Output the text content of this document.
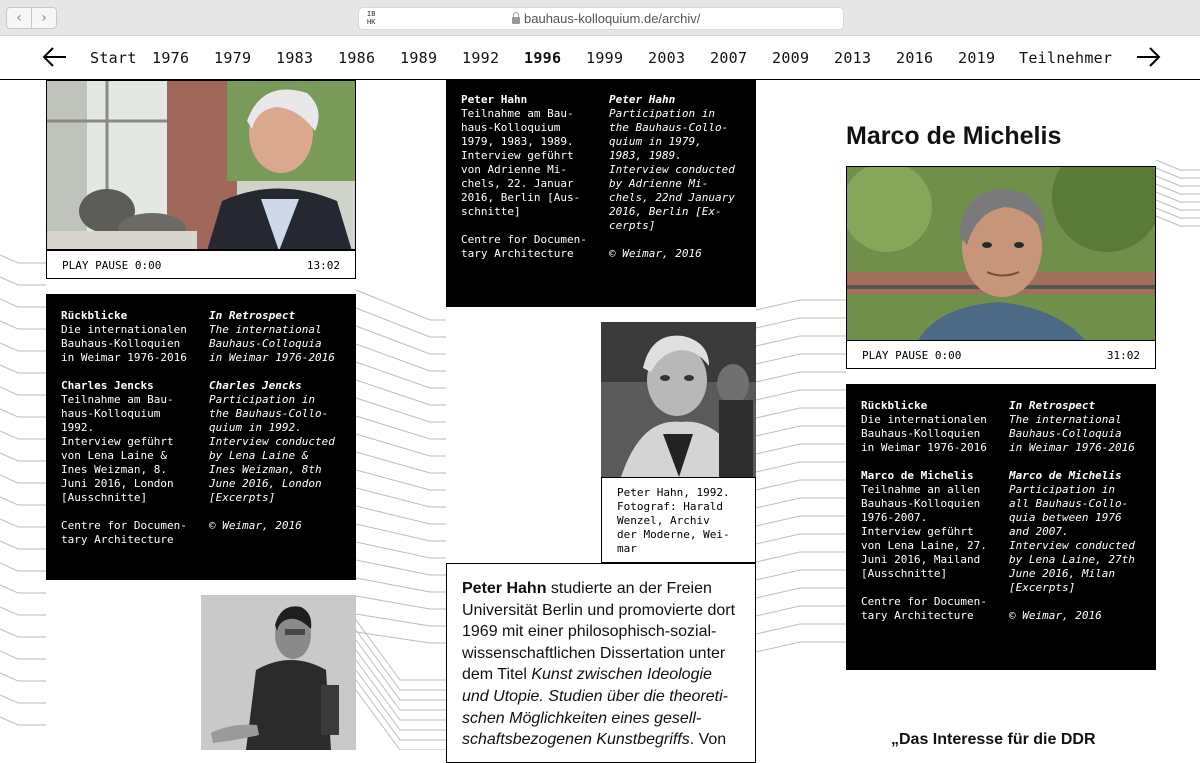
‹ ›	IB
HK	bauhaus-kolloquium.de/archiv/
Start 1976 1979 1983 1986 1989 1992 1996 1999 2003 2007 2009 2013 2016 2019 Teilnehmer
PLAY PAUSE 0:00	13:02
Rückblicke
Die internationalen
Bauhaus-Kolloquien
in Weimar 1976-2016

Charles Jencks
Teilnahme am Bau-
haus-Kolloquium
1992.
Interview geführt
von Lena Laine &
Ines Weizman, 8.
Juni 2016, London
[Ausschnitte]

Centre for Documen-
tary Architecture

In Retrospect
The international
Bauhaus-Colloquia
in Weimar 1976-2016

Charles Jencks
Participation in
the Bauhaus-Collo-
quium in 1992.
Interview conducted
by Lena Laine &
Ines Weizman, 8th
June 2016, London
[Excerpts]

© Weimar, 2016

Peter Hahn
Teilnahme am Bau-
haus-Kolloquium
1979, 1983, 1989.
Interview geführt
von Adrienne Mi-
chels, 22. Januar
2016, Berlin [Aus-
schnitte]

Centre for Documen-
tary Architecture

Peter Hahn
Participation in
the Bauhaus-Collo-
quium in 1979,
1983, 1989.
Interview conducted
by Adrienne Mi-
chels, 22nd January
2016, Berlin [Ex-
cerpts]

© Weimar, 2016

Peter Hahn, 1992.
Fotograf: Harald
Wenzel, Archiv
der Moderne, Wei-
mar
Peter Hahn studierte an der Freien Universität Berlin und promovierte dort 1969 mit einer philosophisch-sozial-wissenschaftlichen Dissertation unter dem Titel Kunst zwischen Ideologie und Utopie. Studien über die theoreti-schen Möglichkeiten eines gesell-schaftsbezogenen Kunstbegriffs. Von
Marco de Michelis
PLAY PAUSE 0:00	31:02
Rückblicke
Die internationalen
Bauhaus-Kolloquien
in Weimar 1976-2016

Marco de Michelis
Teilnahme an allen
Bauhaus-Kolloquien
1976-2007.
Interview geführt
von Lena Laine, 27.
Juni 2016, Mailand
[Ausschnitte]

Centre for Documen-
tary Architecture

In Retrospect
The international
Bauhaus-Colloquia
in Weimar 1976-2016

Marco de Michelis
Participation in
all Bauhaus-Collo-
quia between 1976
and 2007.
Interview conducted
by Lena Laine, 27th
June 2016, Milan
[Excerpts]

© Weimar, 2016

„Das Interesse für die DDR
